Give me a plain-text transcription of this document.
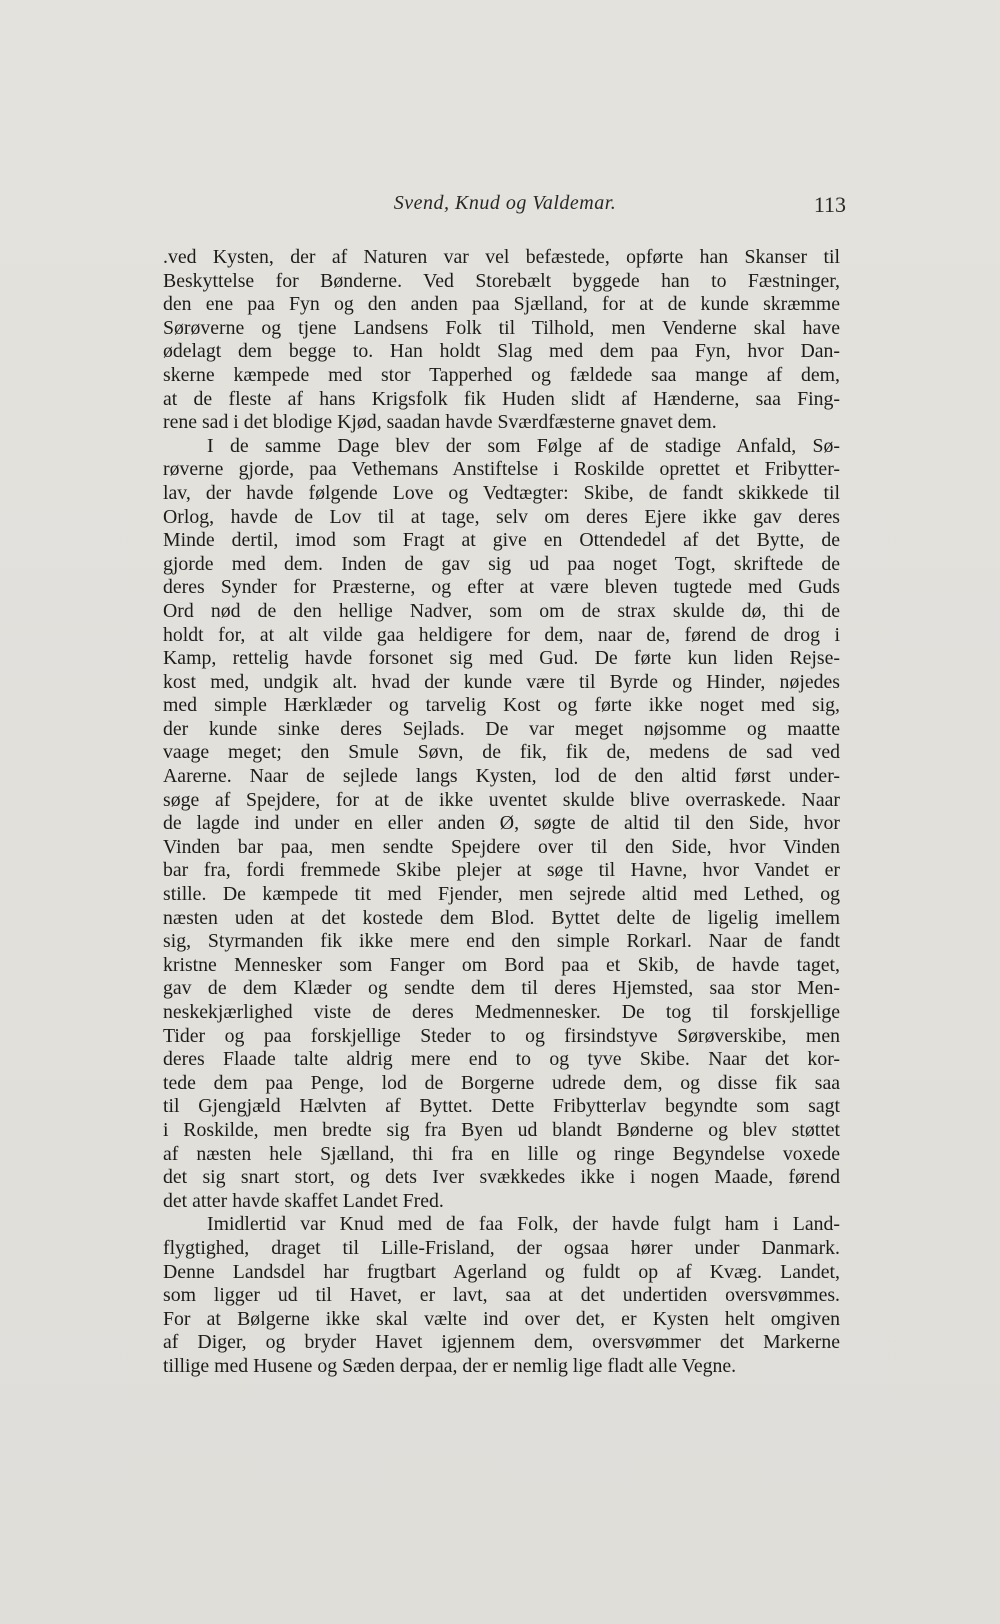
Svend, Knud og Valdemar.	113
.ved Kysten, der af Naturen var vel befæstede, opførte han Skanser til
Beskyttelse for Bønderne. Ved Storebælt byggede han to Fæstninger,
den ene paa Fyn og den anden paa Sjælland, for at de kunde skræmme
Sørøverne og tjene Landsens Folk til Tilhold, men Venderne skal have
ødelagt dem begge to. Han holdt Slag med dem paa Fyn, hvor Dan-
skerne kæmpede med stor Tapperhed og fældede saa mange af dem,
at de fleste af hans Krigsfolk fik Huden slidt af Hænderne, saa Fing-
rene sad i det blodige Kjød, saadan havde Sværdfæsterne gnavet dem.
I de samme Dage blev der som Følge af de stadige Anfald, Sø-
røverne gjorde, paa Vethemans Anstiftelse i Roskilde oprettet et Fribytter-
lav, der havde følgende Love og Vedtægter: Skibe, de fandt skikkede til
Orlog, havde de Lov til at tage, selv om deres Ejere ikke gav deres
Minde dertil, imod som Fragt at give en Ottendedel af det Bytte, de
gjorde med dem. Inden de gav sig ud paa noget Togt, skriftede de
deres Synder for Præsterne, og efter at være bleven tugtede med Guds
Ord nød de den hellige Nadver, som om de strax skulde dø, thi de
holdt for, at alt vilde gaa heldigere for dem, naar de, førend de drog i
Kamp, rettelig havde forsonet sig med Gud. De førte kun liden Rejse-
kost med, undgik alt. hvad der kunde være til Byrde og Hinder, nøjedes
med simple Hærklæder og tarvelig Kost og førte ikke noget med sig,
der kunde sinke deres Sejlads. De var meget nøjsomme og maatte
vaage meget; den Smule Søvn, de fik, fik de, medens de sad ved
Aarerne. Naar de sejlede langs Kysten, lod de den altid først under-
søge af Spejdere, for at de ikke uventet skulde blive overraskede. Naar
de lagde ind under en eller anden Ø, søgte de altid til den Side, hvor
Vinden bar paa, men sendte Spejdere over til den Side, hvor Vinden
bar fra, fordi fremmede Skibe plejer at søge til Havne, hvor Vandet er
stille. De kæmpede tit med Fjender, men sejrede altid med Lethed, og
næsten uden at det kostede dem Blod. Byttet delte de ligelig imellem
sig, Styrmanden fik ikke mere end den simple Rorkarl. Naar de fandt
kristne Mennesker som Fanger om Bord paa et Skib, de havde taget,
gav de dem Klæder og sendte dem til deres Hjemsted, saa stor Men-
neskekjærlighed viste de deres Medmennesker. De tog til forskjellige
Tider og paa forskjellige Steder to og firsindstyve Sørøverskibe, men
deres Flaade talte aldrig mere end to og tyve Skibe. Naar det kor-
tede dem paa Penge, lod de Borgerne udrede dem, og disse fik saa
til Gjengjæld Hælvten af Byttet. Dette Fribytterlav begyndte som sagt
i Roskilde, men bredte sig fra Byen ud blandt Bønderne og blev støttet
af næsten hele Sjælland, thi fra en lille og ringe Begyndelse voxede
det sig snart stort, og dets Iver svækkedes ikke i nogen Maade, førend
det atter havde skaffet Landet Fred.
Imidlertid var Knud med de faa Folk, der havde fulgt ham i Land-
flygtighed, draget til Lille-Frisland, der ogsaa hører under Danmark.
Denne Landsdel har frugtbart Agerland og fuldt op af Kvæg. Landet,
som ligger ud til Havet, er lavt, saa at det undertiden oversvømmes.
For at Bølgerne ikke skal vælte ind over det, er Kysten helt omgiven
af Diger, og bryder Havet igjennem dem, oversvømmer det Markerne
tillige med Husene og Sæden derpaa, der er nemlig lige fladt alle Vegne.
